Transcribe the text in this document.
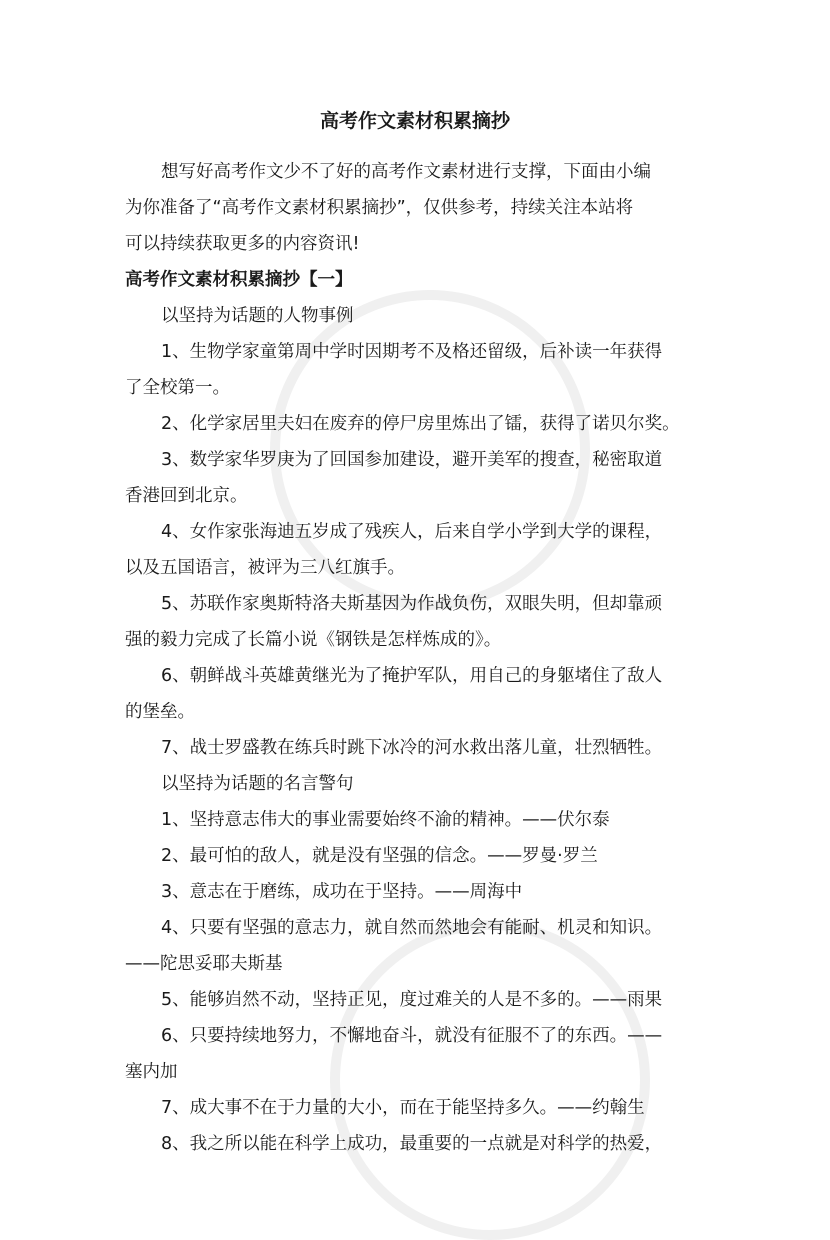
高考作文素材积累摘抄
想写好高考作文少不了好的高考作文素材进行支撑，下面由小编
为你准备了“高考作文素材积累摘抄”，仅供参考，持续关注本站将
可以持续获取更多的内容资讯!
高考作文素材积累摘抄【一】
以坚持为话题的人物事例
1、生物学家童第周中学时因期考不及格还留级，后补读一年获得
了全校第一。
2、化学家居里夫妇在废弃的停尸房里炼出了镭，获得了诺贝尔奖。
3、数学家华罗庚为了回国参加建设，避开美军的搜查，秘密取道
香港回到北京。
4、女作家张海迪五岁成了残疾人，后来自学小学到大学的课程，
以及五国语言，被评为三八红旗手。
5、苏联作家奥斯特洛夫斯基因为作战负伤，双眼失明，但却靠顽
强的毅力完成了长篇小说《钢铁是怎样炼成的》。
6、朝鲜战斗英雄黄继光为了掩护军队，用自己的身躯堵住了敌人
的堡垒。
7、战士罗盛教在练兵时跳下冰冷的河水救出落儿童，壮烈牺牲。
以坚持为话题的名言警句
1、坚持意志伟大的事业需要始终不渝的精神。——伏尔泰
2、最可怕的敌人，就是没有坚强的信念。——罗曼·罗兰
3、意志在于磨练，成功在于坚持。——周海中
4、只要有坚强的意志力，就自然而然地会有能耐、机灵和知识。
——陀思妥耶夫斯基
5、能够岿然不动，坚持正见，度过难关的人是不多的。——雨果
6、只要持续地努力，不懈地奋斗，就没有征服不了的东西。——
塞内加
7、成大事不在于力量的大小，而在于能坚持多久。——约翰生
8、我之所以能在科学上成功，最重要的一点就是对科学的热爱，
